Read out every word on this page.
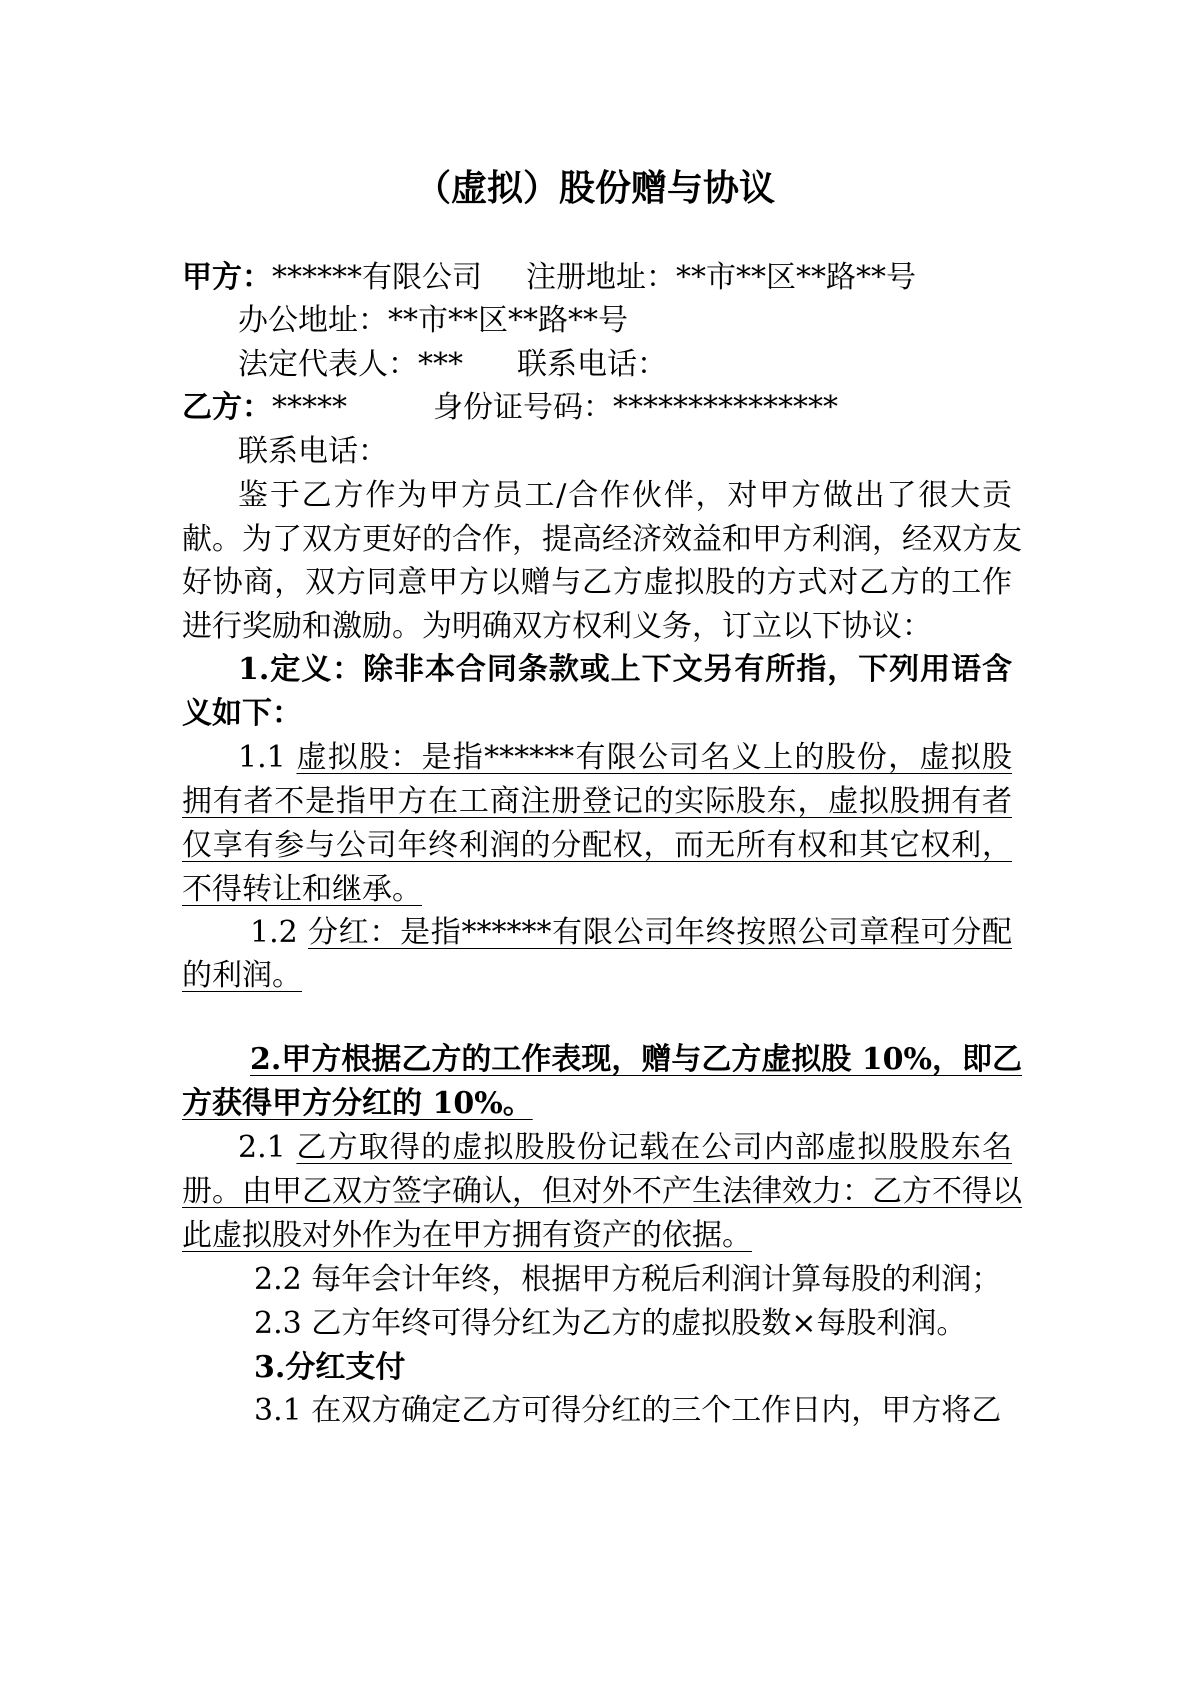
（虚拟）股份赠与协议
甲方：******有限公司 注册地址：**市**区**路**号
办公地址：**市**区**路**号
法定代表人：*** 联系电话：
乙方：*****	身份证号码：***************
联系电话：
鉴于乙方作为甲方员工/合作伙伴，对甲方做出了很大贡
献。为了双方更好的合作，提高经济效益和甲方利润，经双方友
好协商，双方同意甲方以赠与乙方虚拟股的方式对乙方的工作
进行奖励和激励。为明确双方权利义务，订立以下协议：
1.定义：除非本合同条款或上下文另有所指，下列用语含
义如下：
1.1 虚拟股：是指******有限公司名义上的股份，虚拟股
拥有者不是指甲方在工商注册登记的实际股东，虚拟股拥有者
仅享有参与公司年终利润的分配权，而无所有权和其它权利，
不得转让和继承。
1.2 分红：是指******有限公司年终按照公司章程可分配
的利润。
2.甲方根据乙方的工作表现，赠与乙方虚拟股 10%，即乙
方获得甲方分红的 10%。
2.1 乙方取得的虚拟股股份记载在公司内部虚拟股股东名
册。由甲乙双方签字确认，但对外不产生法律效力：乙方不得以
此虚拟股对外作为在甲方拥有资产的依据。
2.2 每年会计年终，根据甲方税后利润计算每股的利润；
2.3 乙方年终可得分红为乙方的虚拟股数×每股利润。
3.分红支付
3.1 在双方确定乙方可得分红的三个工作日内，甲方将乙
